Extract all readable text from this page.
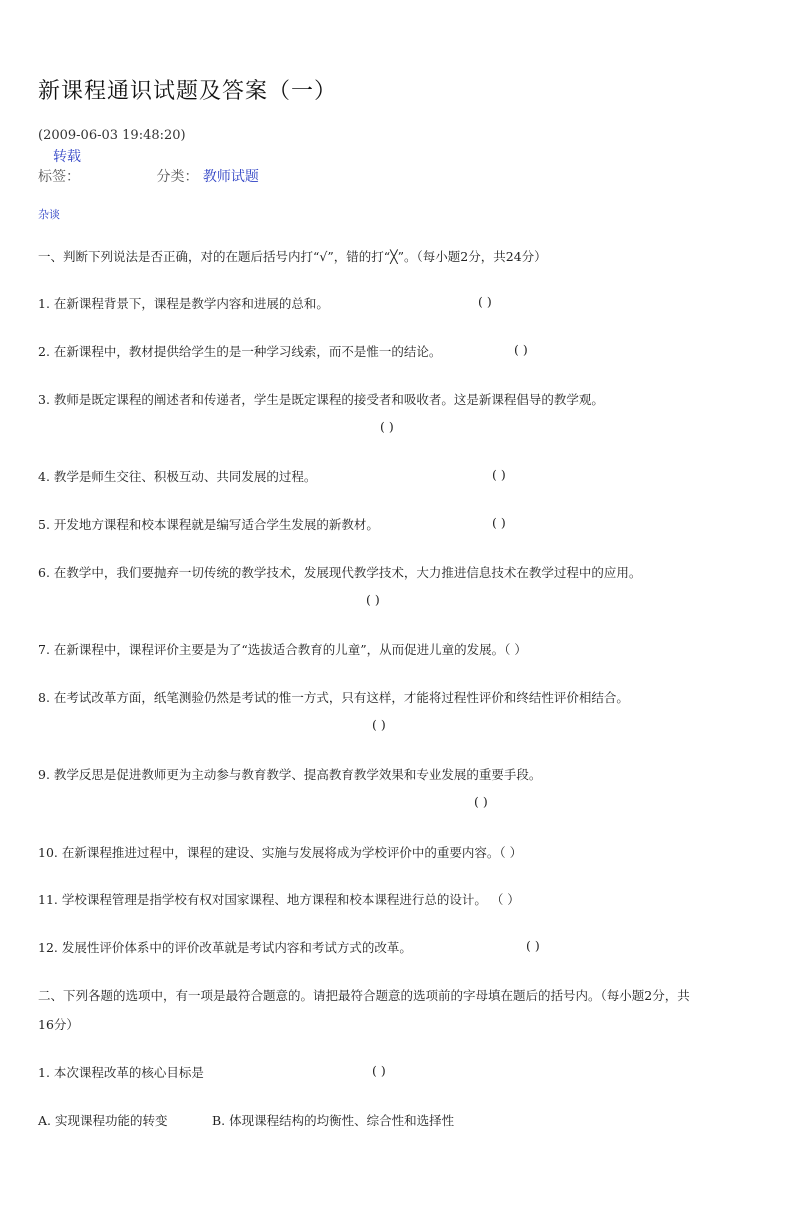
新课程通识试题及答案（一）
(2009-06-03 19:48:20)
转载
标签：	分类： 教师试题
杂谈
一、判断下列说法是否正确，对的在题后括号内打“√”，错的打“╳”。（每小题2分，共24分）
1. 在新课程背景下，课程是教学内容和进展的总和。	( )
2. 在新课程中，教材提供给学生的是一种学习线索，而不是惟一的结论。	( )
3. 教师是既定课程的阐述者和传递者，学生是既定课程的接受者和吸收者。这是新课程倡导的教学观。
( )
4. 教学是师生交往、积极互动、共同发展的过程。	( )
5. 开发地方课程和校本课程就是编写适合学生发展的新教材。	( )
6. 在教学中，我们要抛弃一切传统的教学技术，发展现代教学技术，大力推进信息技术在教学过程中的应用。
( )
7. 在新课程中，课程评价主要是为了“选拔适合教育的儿童”，从而促进儿童的发展。（ ）
8. 在考试改革方面，纸笔测验仍然是考试的惟一方式，只有这样，才能将过程性评价和终结性评价相结合。
( )
9. 教学反思是促进教师更为主动参与教育教学、提高教育教学效果和专业发展的重要手段。
( )
10. 在新课程推进过程中，课程的建设、实施与发展将成为学校评价中的重要内容。（ ）
11. 学校课程管理是指学校有权对国家课程、地方课程和校本课程进行总的设计。 （ ）
12. 发展性评价体系中的评价改革就是考试内容和考试方式的改革。	( )
二、下列各题的选项中，有一项是最符合题意的。请把最符合题意的选项前的字母填在题后的括号内。（每小题2分，共
16分）
1. 本次课程改革的核心目标是	( )
A. 实现课程功能的转变	B. 体现课程结构的均衡性、综合性和选择性
